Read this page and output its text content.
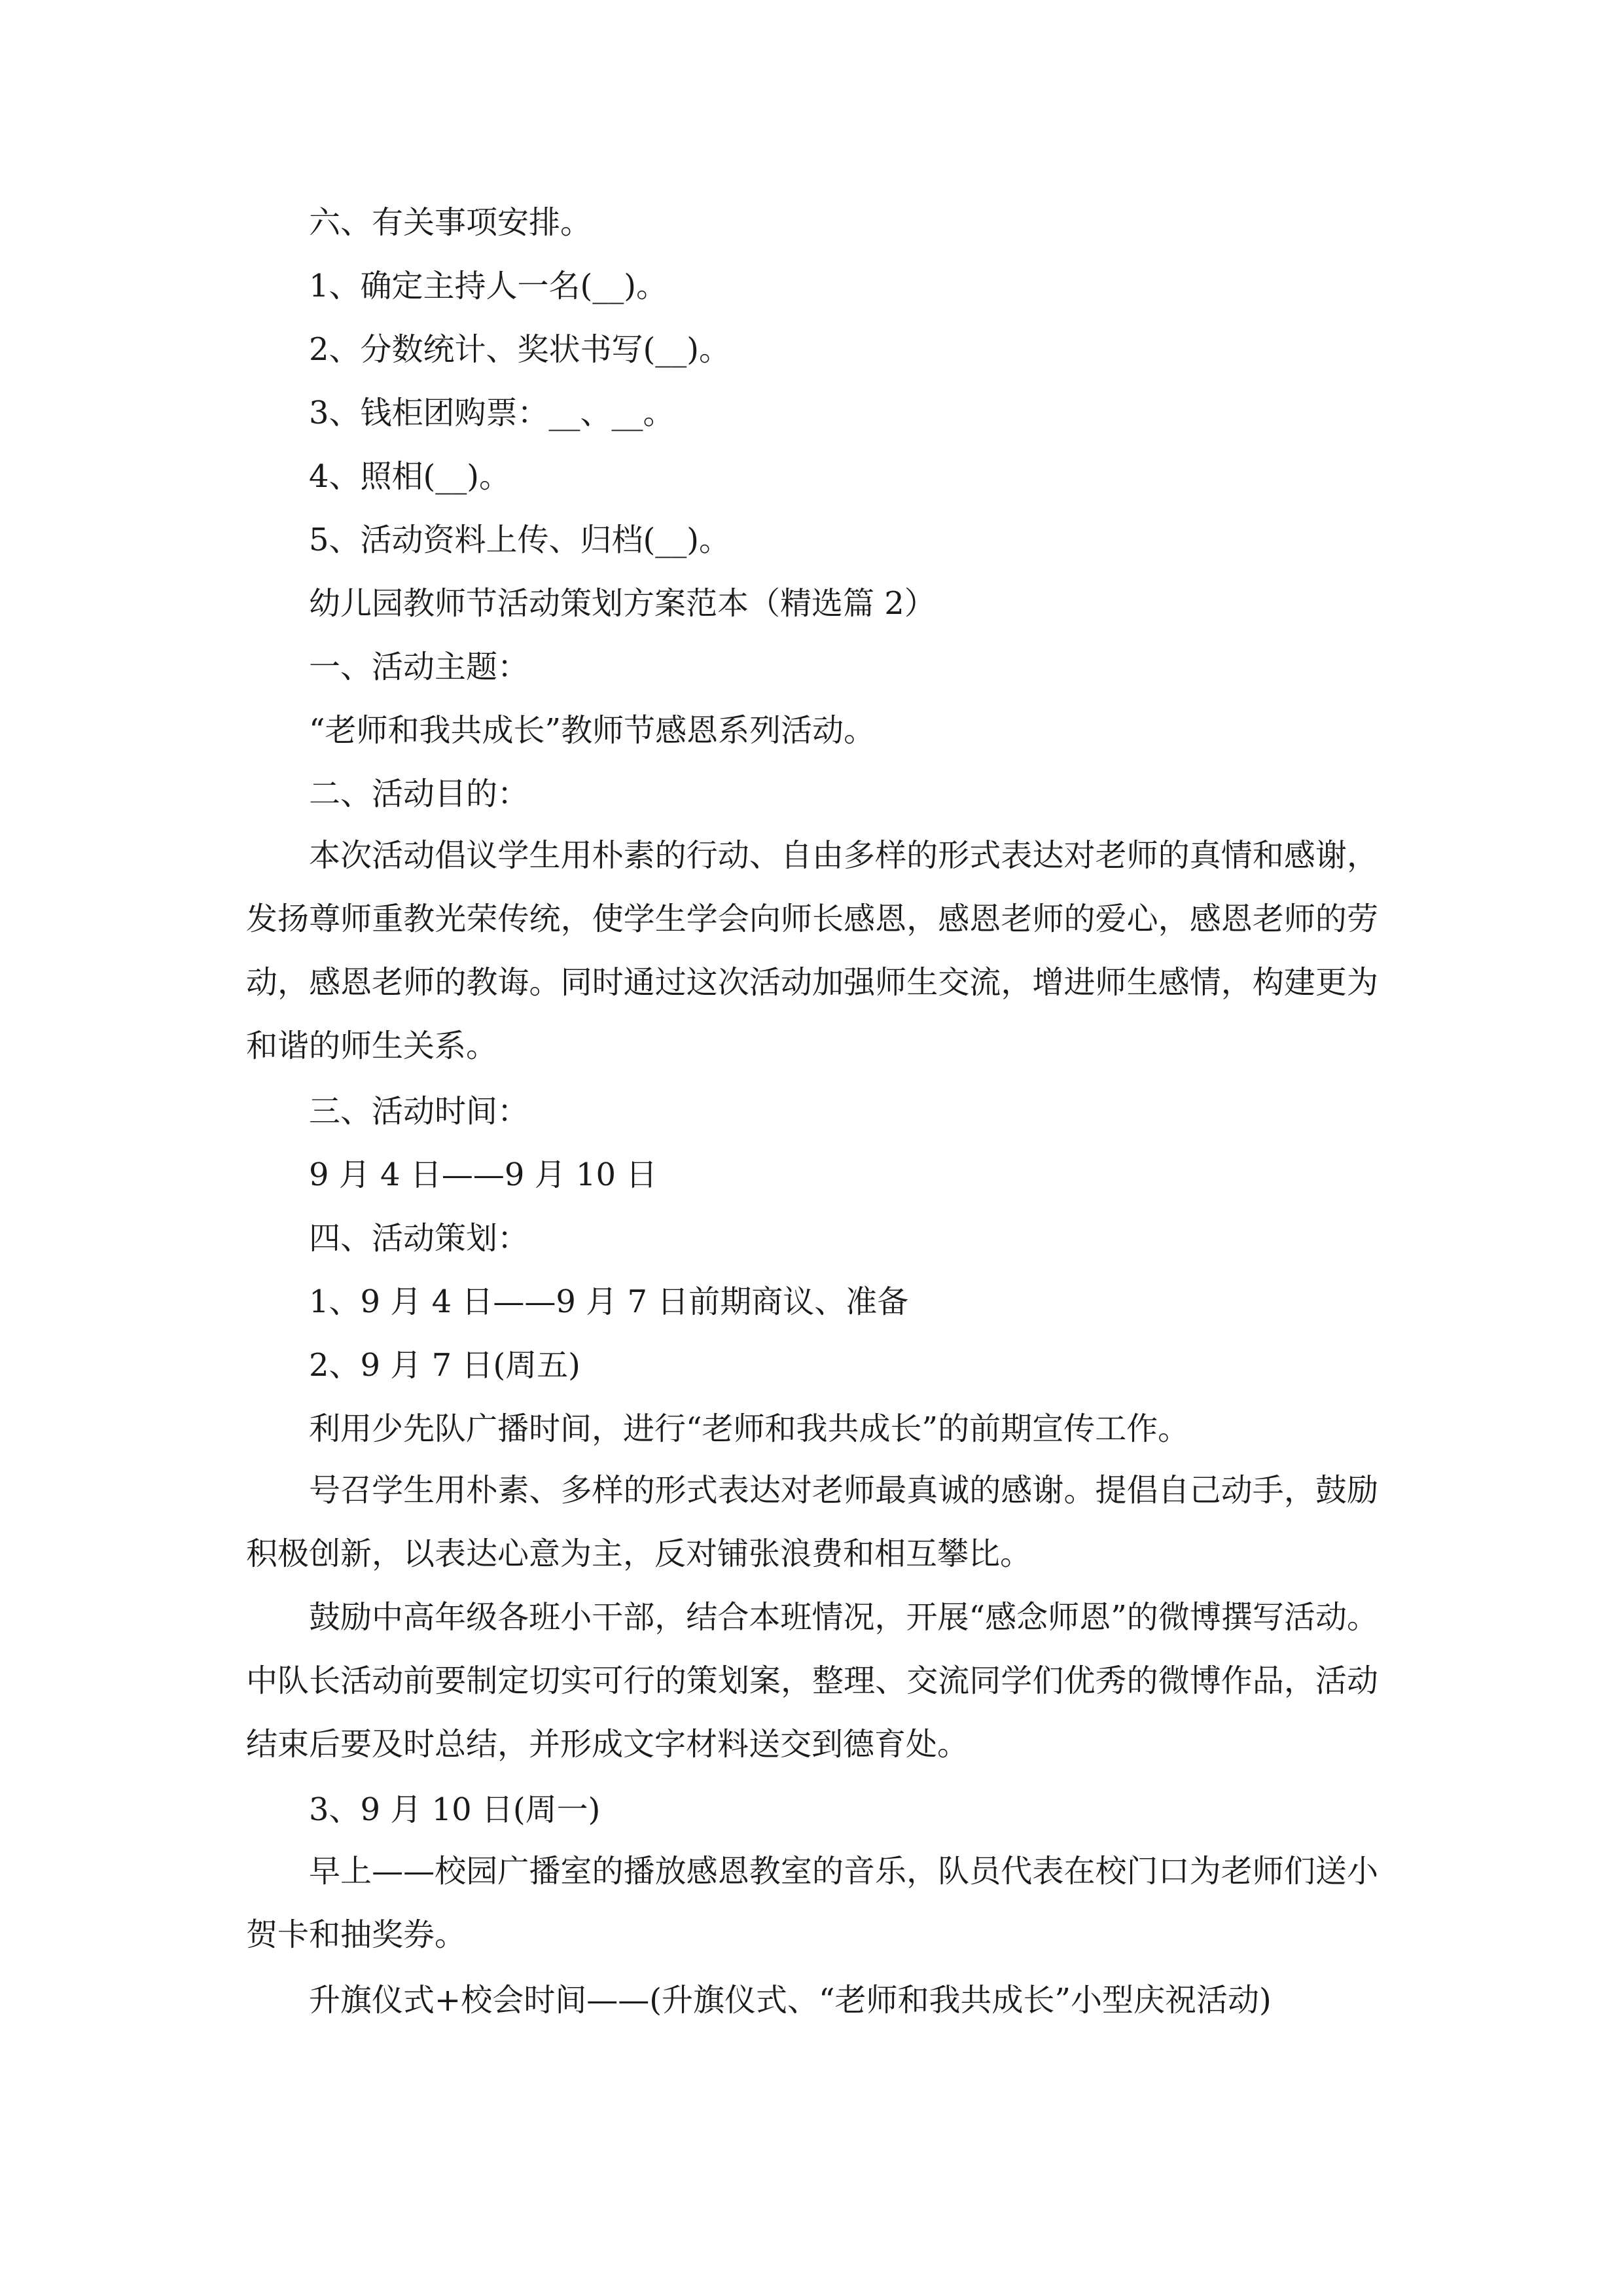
六、有关事项安排。
1、确定主持人一名(__)。
2、分数统计、奖状书写(__)。
3、钱柜团购票：__、__。
4、照相(__)。
5、活动资料上传、归档(__)。
幼儿园教师节活动策划方案范本（精选篇 2）
一、活动主题：
“老师和我共成长”教师节感恩系列活动。
二、活动目的：
本次活动倡议学生用朴素的行动、自由多样的形式表达对老师的真情和感谢，发扬尊师重教光荣传统，使学生学会向师长感恩，感恩老师的爱心，感恩老师的劳动，感恩老师的教诲。同时通过这次活动加强师生交流，增进师生感情，构建更为和谐的师生关系。
三、活动时间：
9 月 4 日——9 月 10 日
四、活动策划：
1、9 月 4 日——9 月 7 日前期商议、准备
2、9 月 7 日(周五)
利用少先队广播时间，进行“老师和我共成长”的前期宣传工作。
号召学生用朴素、多样的形式表达对老师最真诚的感谢。提倡自己动手，鼓励积极创新，以表达心意为主，反对铺张浪费和相互攀比。
鼓励中高年级各班小干部，结合本班情况，开展“感念师恩”的微博撰写活动。中队长活动前要制定切实可行的策划案，整理、交流同学们优秀的微博作品，活动结束后要及时总结，并形成文字材料送交到德育处。
3、9 月 10 日(周一)
早上——校园广播室的播放感恩教室的音乐，队员代表在校门口为老师们送小贺卡和抽奖券。
升旗仪式+校会时间——(升旗仪式、“老师和我共成长”小型庆祝活动)
